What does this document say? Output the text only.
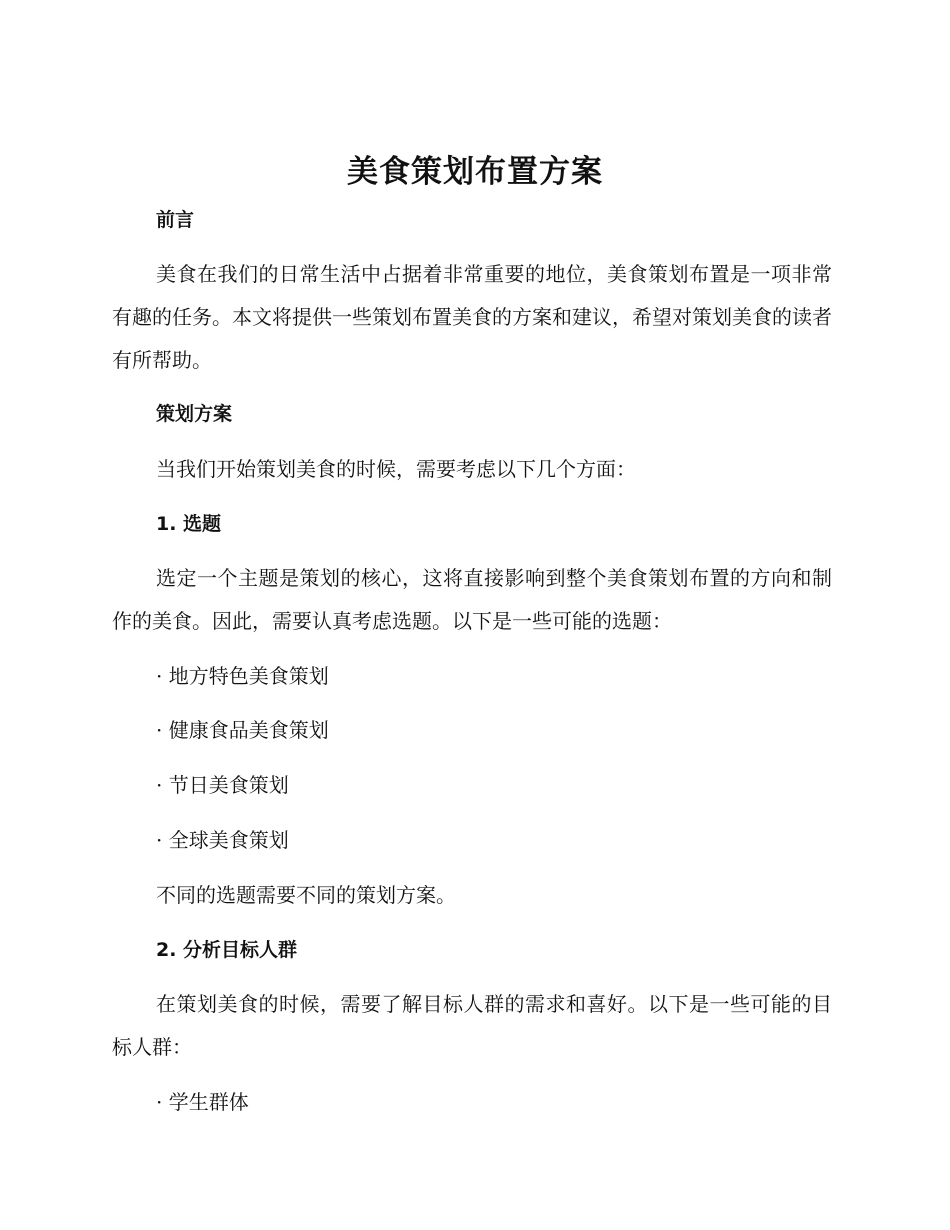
美食策划布置方案
前言

美食在我们的日常生活中占据着非常重要的地位，美食策划布置是一项非常有趣的任务。本文将提供一些策划布置美食的方案和建议，希望对策划美食的读者有所帮助。

策划方案

当我们开始策划美食的时候，需要考虑以下几个方面：

1. 选题

选定一个主题是策划的核心，这将直接影响到整个美食策划布置的方向和制作的美食。因此，需要认真考虑选题。以下是一些可能的选题：

· 地方特色美食策划

· 健康食品美食策划

· 节日美食策划

· 全球美食策划

不同的选题需要不同的策划方案。

2. 分析目标人群

在策划美食的时候，需要了解目标人群的需求和喜好。以下是一些可能的目标人群：

· 学生群体
